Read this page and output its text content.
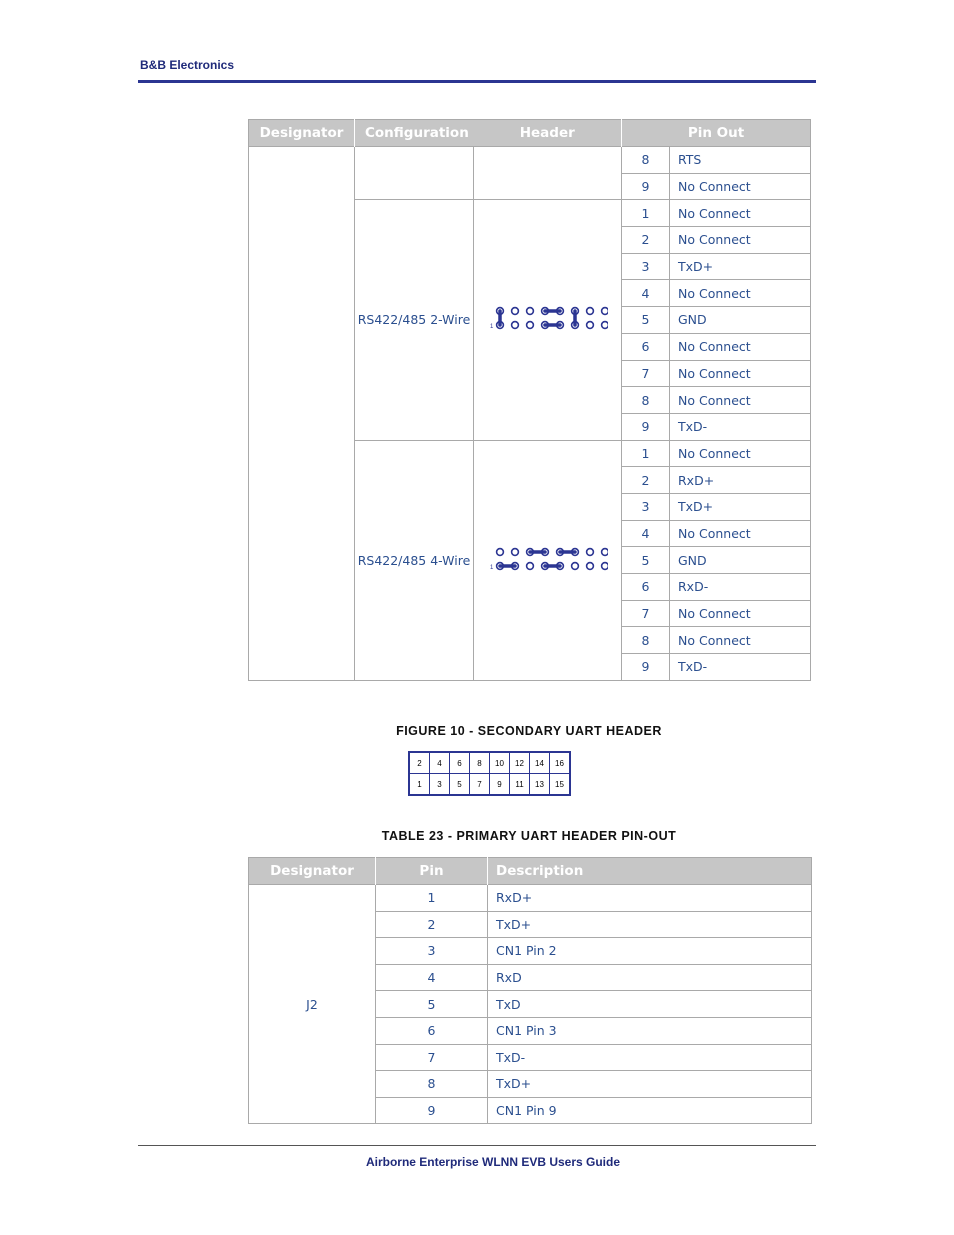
B&B Electronics
Designator	Configuration	Header	Pin Out	
			8	RTS
			9	No Connect
	RS422/485 2-Wire	1	1	No Connect
			2	No Connect
			3	TxD+
			4	No Connect
			5	GND
			6	No Connect
			7	No Connect
			8	No Connect
			9	TxD-
	RS422/485 4-Wire	1	1	No Connect
			2	RxD+
			3	TxD+
			4	No Connect
			5	GND
			6	RxD-
			7	No Connect
			8	No Connect
			9	TxD-
FIGURE 10 - SECONDARY UART HEADER
2	4	6	8	10	12	14	16
1	3	5	7	9	11	13	15
TABLE 23 - PRIMARY UART HEADER PIN-OUT
Designator	Pin	Description
J2	1	RxD+
	2	TxD+
	3	CN1 Pin 2
	4	RxD
	5	TxD
	6	CN1 Pin 3
	7	TxD-
	8	TxD+
	9	CN1 Pin 9
Airborne Enterprise WLNN EVB Users Guide
